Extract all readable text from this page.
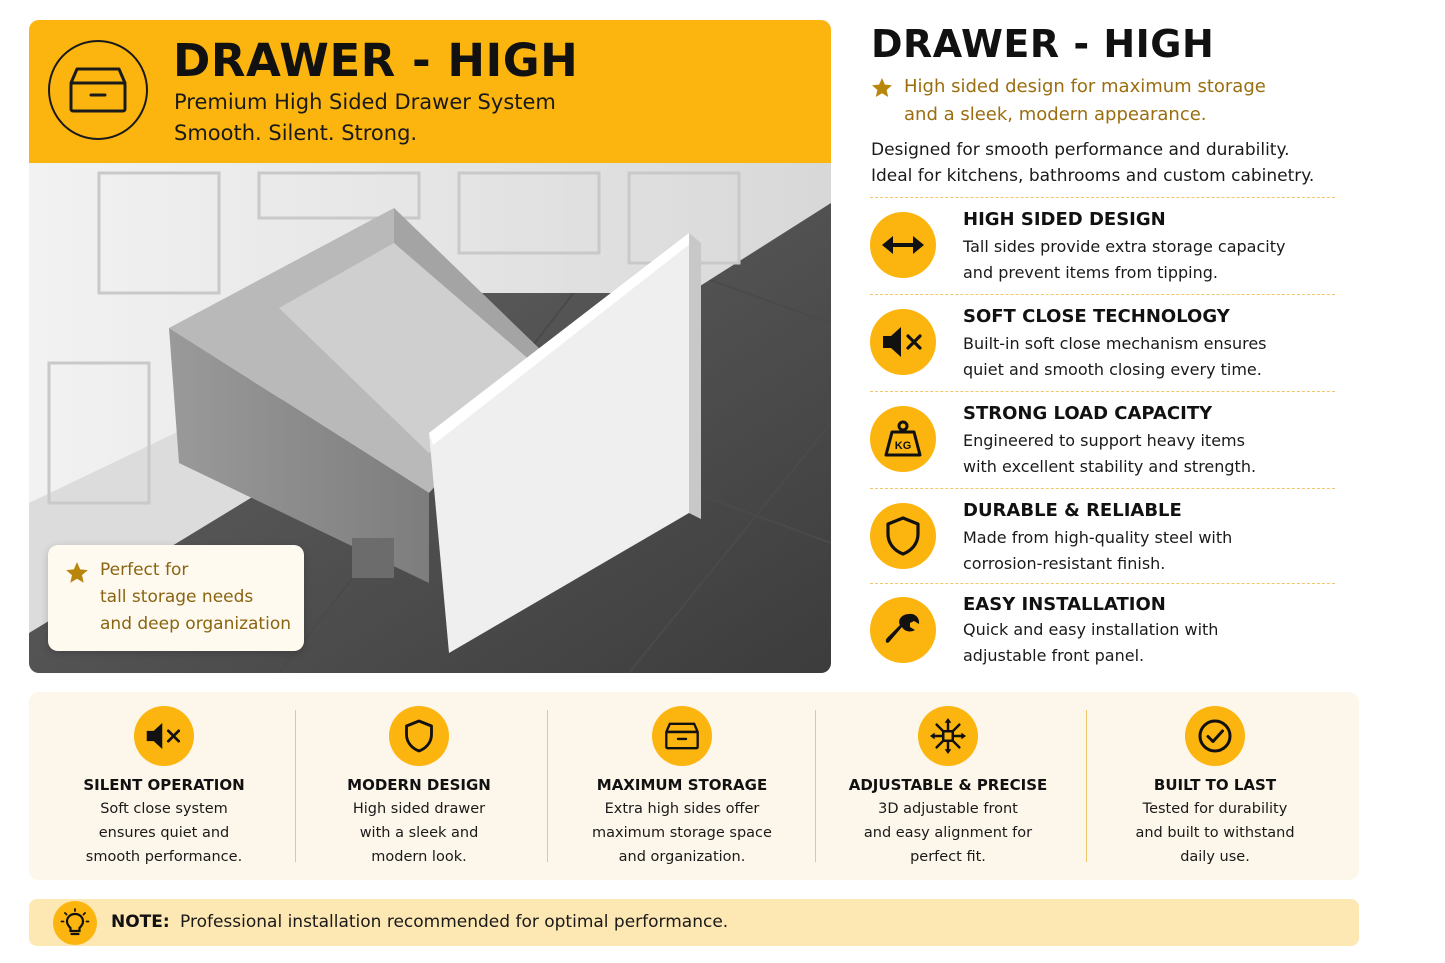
DRAWER - HIGH
Premium High Sided Drawer System
Smooth. Silent. Strong.
Perfect for
tall storage needs
and deep organization
DRAWER - HIGH
High sided design for maximum storage
and a sleek, modern appearance.
Designed for smooth performance and durability.
Ideal for kitchens, bathrooms and custom cabinetry.
HIGH SIDED DESIGN
Tall sides provide extra storage capacity
and prevent items from tipping.
SOFT CLOSE TECHNOLOGY
Built-in soft close mechanism ensures
quiet and smooth closing every time.
KG
STRONG LOAD CAPACITY
Engineered to support heavy items
with excellent stability and strength.
DURABLE & RELIABLE
Made from high-quality steel with
corrosion-resistant finish.
EASY INSTALLATION
Quick and easy installation with
adjustable front panel.
SILENT OPERATION
Soft close system
ensures quiet and
smooth performance.
MODERN DESIGN
High sided drawer
with a sleek and
modern look.
MAXIMUM STORAGE
Extra high sides offer
maximum storage space
and organization.
ADJUSTABLE & PRECISE
3D adjustable front
and easy alignment for
perfect fit.
BUILT TO LAST
Tested for durability
and built to withstand
daily use.
NOTE: Professional installation recommended for optimal performance.
